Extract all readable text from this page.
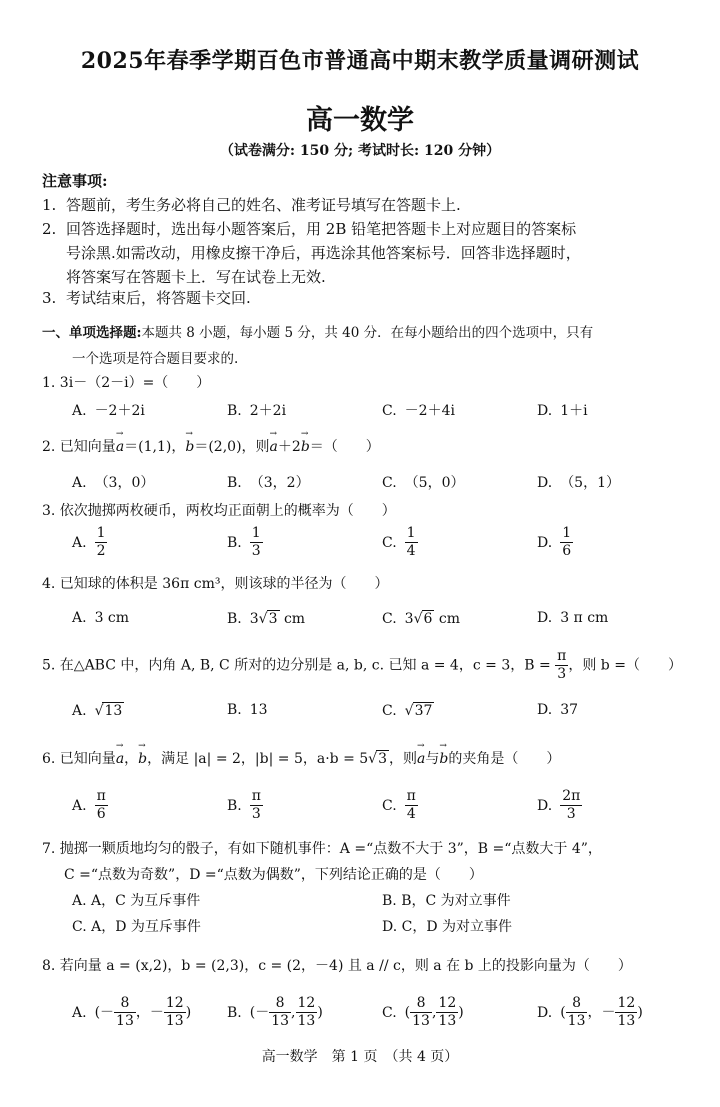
2025年春季学期百色市普通高中期末教学质量调研测试
高一数学
（试卷满分: 150 分; 考试时长: 120 分钟）
注意事项:
1. 答题前，考生务必将自己的姓名、准考证号填写在答题卡上.
2. 回答选择题时，选出每小题答案后，用 2B 铅笔把答题卡上对应题目的答案标
号涂黑.如需改动，用橡皮擦干净后，再选涂其他答案标号．回答非选择题时，
将答案写在答题卡上．写在试卷上无效.
3. 考试结束后，将答题卡交回.
一、单项选择题:本题共 8 小题，每小题 5 分，共 40 分．在每小题给出的四个选项中，只有
一个选项是符合题目要求的.
1. 3i－（2－i）=（　　）
A. －2＋2i	B. 2＋2i	C. －2＋4i	D. 1＋i
2. 已知向量→ a＝(1,1)，→ b＝(2,0)，则→ a＋2→ b＝（　　）
A. （3，0）	B. （3，2）	C. （5，0）	D. （5，1）
3. 依次抛掷两枚硬币，两枚均正面朝上的概率为（　　）
A. $\frac{1}{2}$	B. $\frac{1}{3}$	C. $\frac{1}{4}$	D. $\frac{1}{6}$
4. 已知球的体积是 36π cm³，则该球的半径为（　　）
A. 3 cm	B. 3√3 cm	C. 3√6 cm	D. 3 π cm
5. 在△ABC 中，内角 A, B, C 所对的边分别是 a, b, c. 已知 a = 4，c = 3，$B = \frac{\pi}{3}$ ，则 b =（　　）
A. √13	B. 13	C. √37	D. 37
6. 已知向量→ a，→ b，满足 |a| = 2，|b| = 5，a·b = 5√3 ，则→ a与→ b的夹角是（　　）
A. $\frac{\pi}{6}$	B. $\frac{\pi}{3}$	C. $\frac{\pi}{4}$	D. $\frac{2\pi}{3}$
7. 抛掷一颗质地均匀的骰子，有如下随机事件：A =“点数不大于 3”，B =“点数大于 4”，
C =“点数为奇数”，D =“点数为偶数”，下列结论正确的是（　　）
A. A，C 为互斥事件	B. B，C 为对立事件
C. A，D 为互斥事件	D. C，D 为对立事件
8. 若向量 a = (x,2)，b = (2,3)，c = (2，－4) 且 a // c，则 a 在 b 上的投影向量为（　　）
A. (－ $\frac{8}{13}$ ，－ $\frac{12}{13}$ )	B. (－ $\frac{8}{13}$ , $\frac{12}{13}$ )	C. ( $\frac{8}{13}$ , $\frac{12}{13}$ )	D. ( $\frac{8}{13}$ ，－ $\frac{12}{13}$ )
高一数学　第 1 页　（共 4 页）
